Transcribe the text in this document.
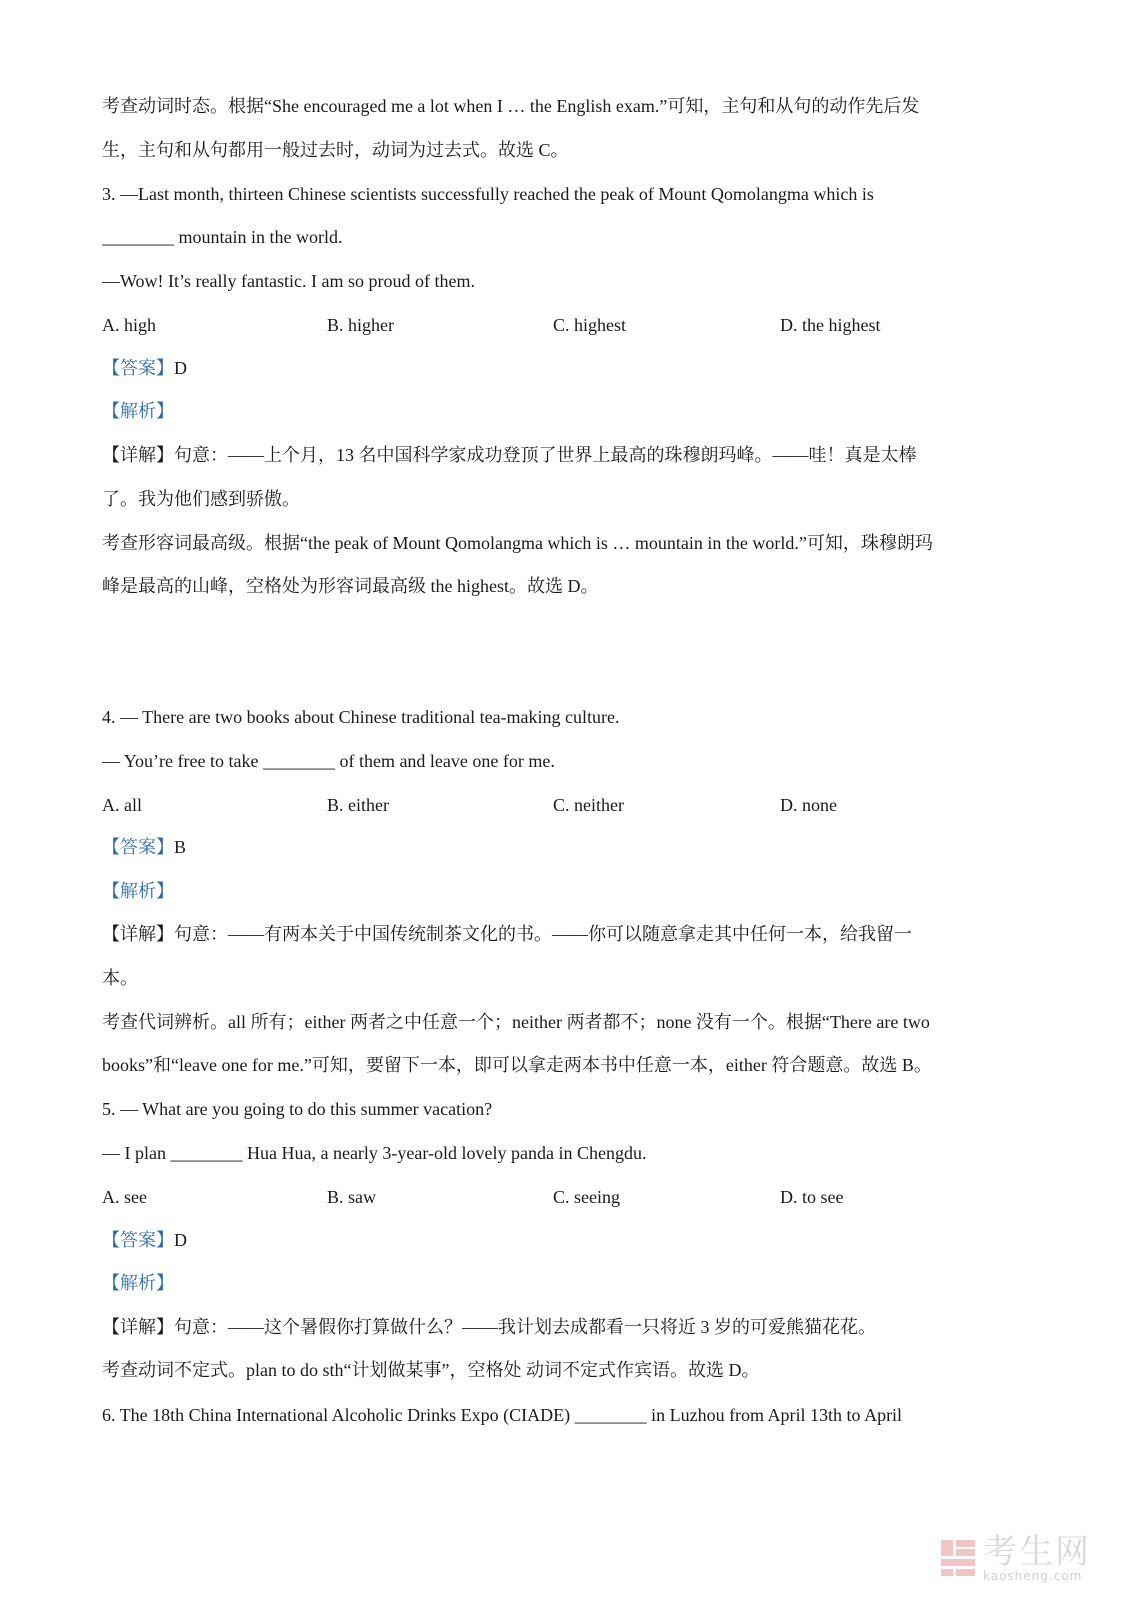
考查动词时态。根据“She encouraged me a lot when I … the English exam.”可知，主句和从句的动作先后发
生，主句和从句都用一般过去时，动词为过去式。故选 C。
3. —Last month, thirteen Chinese scientists successfully reached the peak of Mount Qomolangma which is
________ mountain in the world.
—Wow! It’s really fantastic. I am so proud of them.
A. high	B. higher	C. highest	D. the highest
【答案】D
【解析】
【详解】句意：——上个月，13 名中国科学家成功登顶了世界上最高的珠穆朗玛峰。——哇！真是太棒
了。我为他们感到骄傲。
考查形容词最高级。根据“the peak of Mount Qomolangma which is … mountain in the world.”可知，珠穆朗玛
峰是最高的山峰，空格处为形容词最高级 the highest。故选 D。
4. — There are two books about Chinese traditional tea-making culture.
— You’re free to take ________ of them and leave one for me.
A. all	B. either	C. neither	D. none
【答案】B
【解析】
【详解】句意：——有两本关于中国传统制茶文化的书。——你可以随意拿走其中任何一本，给我留一
本。
考查代词辨析。all 所有；either 两者之中任意一个；neither 两者都不；none 没有一个。根据“There are two
books”和“leave one for me.”可知，要留下一本，即可以拿走两本书中任意一本，either 符合题意。故选 B。
5. — What are you going to do this summer vacation?
— I plan ________ Hua Hua, a nearly 3-year-old lovely panda in Chengdu.
A. see	B. saw	C. seeing	D. to see
【答案】D
【解析】
【详解】句意：——这个暑假你打算做什么？——我计划去成都看一只将近 3 岁的可爱熊猫花花。
考查动词不定式。plan to do sth“计划做某事”，空格处 动词不定式作宾语。故选 D。
6. The 18th China International Alcoholic Drinks Expo (CIADE) ________ in Luzhou from April 13th to April
考生网
kaosheng.com
